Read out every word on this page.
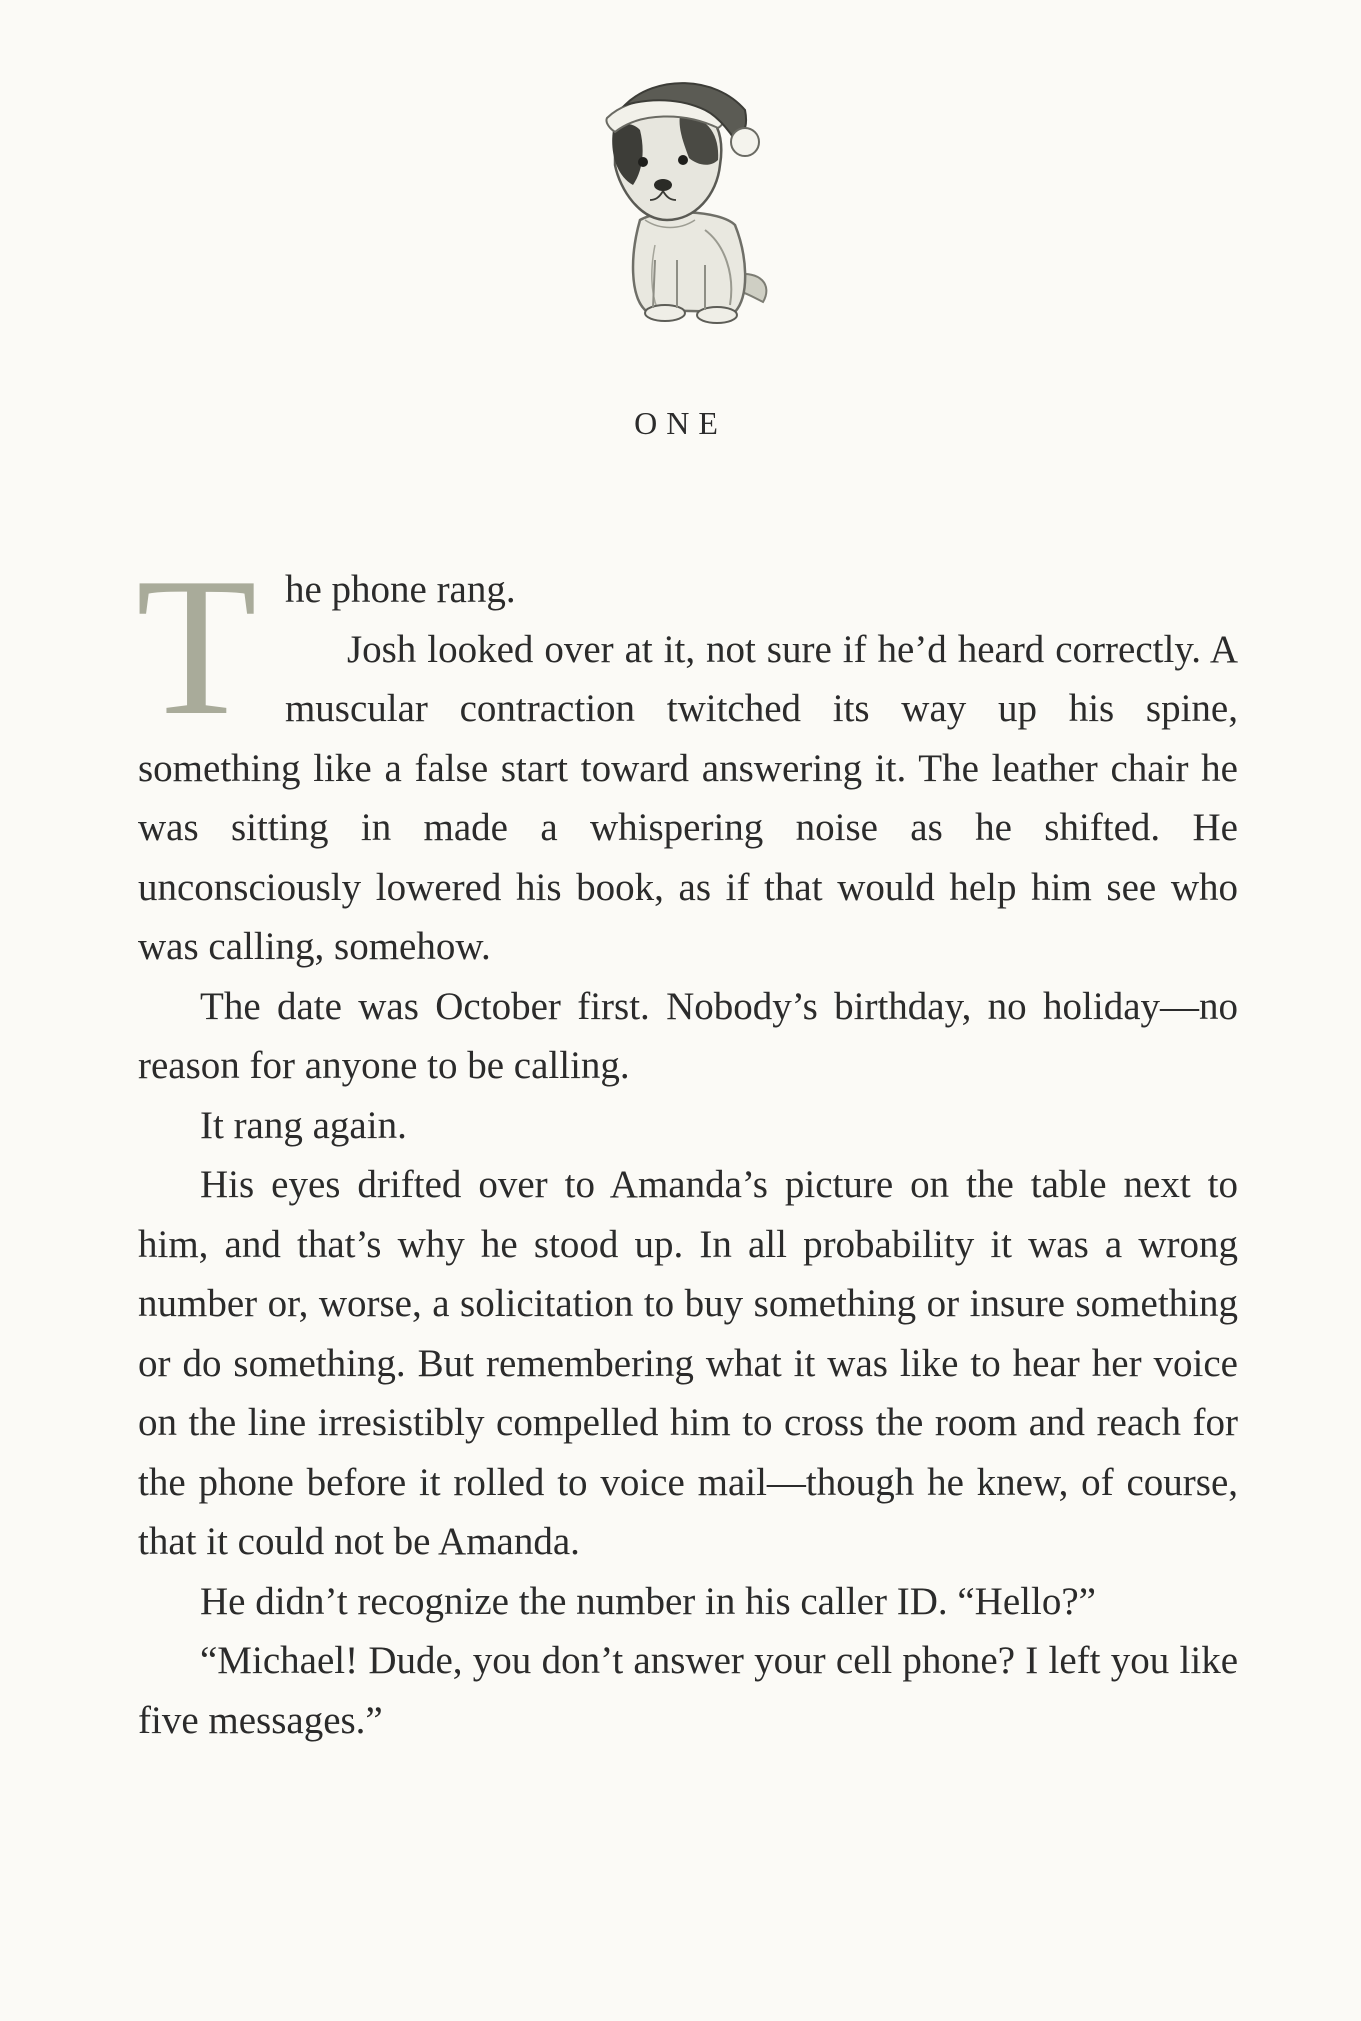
ONE
T he phone rang.

Josh looked over at it, not sure if he’d heard correctly. A muscular contraction twitched its way up his spine, something like a false start toward answering it. The leather chair he was sitting in made a whispering noise as he shifted. He unconsciously lowered his book, as if that would help him see who was calling, somehow.

The date was October first. Nobody’s birthday, no holiday—no reason for anyone to be calling.

It rang again.

His eyes drifted over to Amanda’s picture on the table next to him, and that’s why he stood up. In all probability it was a wrong number or, worse, a solicitation to buy something or insure something or do something. But remembering what it was like to hear her voice on the line irresistibly compelled him to cross the room and reach for the phone before it rolled to voice mail—though he knew, of course, that it could not be Amanda.

He didn’t recognize the number in his caller ID. “Hello?”

“Michael! Dude, you don’t answer your cell phone? I left you like five messages.”
